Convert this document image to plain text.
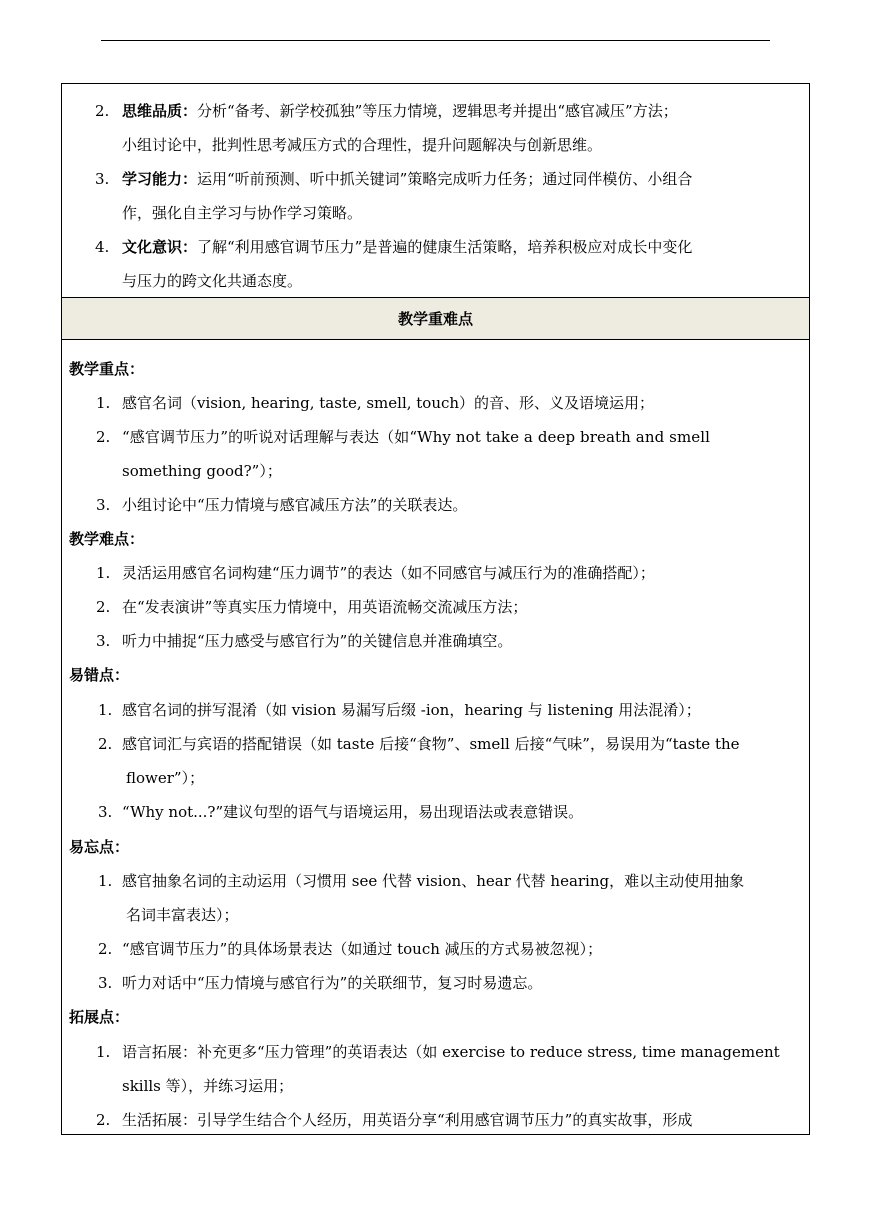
2. 思维品质：分析“备考、新学校孤独”等压力情境，逻辑思考并提出“感官减压”方法；
小组讨论中，批判性思考减压方式的合理性，提升问题解决与创新思维。
3. 学习能力：运用“听前预测、听中抓关键词”策略完成听力任务；通过同伴模仿、小组合
作，强化自主学习与协作学习策略。
4. 文化意识：了解“利用感官调节压力”是普遍的健康生活策略，培养积极应对成长中变化
与压力的跨文化共通态度。
教学重难点
教学重点：
1. 感官名词（vision, hearing, taste, smell, touch）的音、形、义及语境运用；
2. “感官调节压力”的听说对话理解与表达（如“Why not take a deep breath and smell
something good?”）；
3. 小组讨论中“压力情境与感官减压方法”的关联表达。
教学难点：
1. 灵活运用感官名词构建“压力调节”的表达（如不同感官与减压行为的准确搭配）；
2. 在“发表演讲”等真实压力情境中，用英语流畅交流减压方法；
3. 听力中捕捉“压力感受与感官行为”的关键信息并准确填空。
易错点：
1. 感官名词的拼写混淆（如 vision 易漏写后缀 -ion，hearing 与 listening 用法混淆）；
2. 感官词汇与宾语的搭配错误（如 taste 后接“食物”、smell 后接“气味”，易误用为“taste the
flower”）；
3. “Why not...?”建议句型的语气与语境运用，易出现语法或表意错误。
易忘点：
1. 感官抽象名词的主动运用（习惯用 see 代替 vision、hear 代替 hearing，难以主动使用抽象
名词丰富表达）；
2. “感官调节压力”的具体场景表达（如通过 touch 减压的方式易被忽视）；
3. 听力对话中“压力情境与感官行为”的关联细节，复习时易遗忘。
拓展点：
1. 语言拓展：补充更多“压力管理”的英语表达（如 exercise to reduce stress, time management
skills 等），并练习运用；
2. 生活拓展：引导学生结合个人经历，用英语分享“利用感官调节压力”的真实故事，形成
